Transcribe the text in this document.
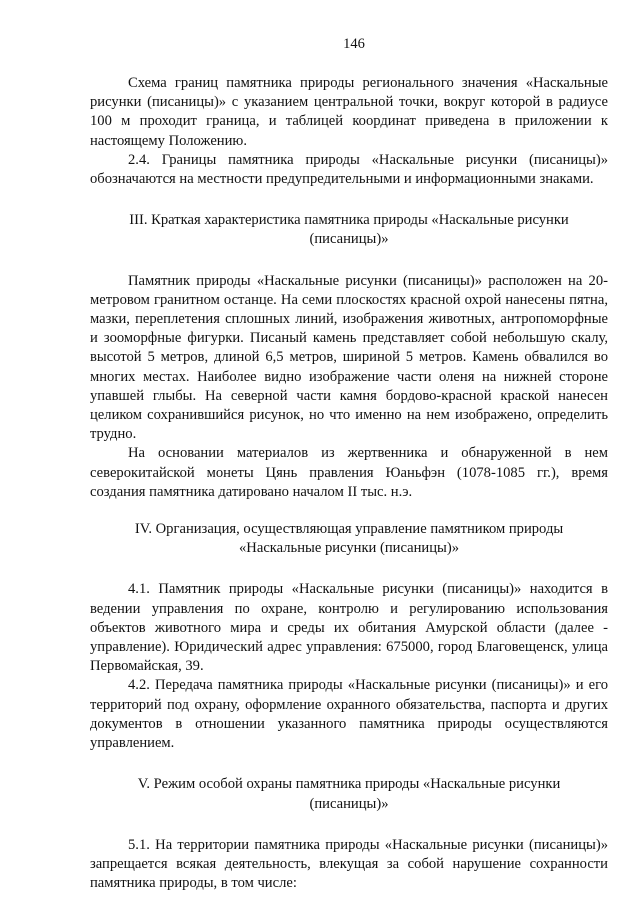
146

Схема границ памятника природы регионального значения «Наскальные рисунки (писаницы)» с указанием центральной точки, вокруг которой в радиусе 100 м проходит граница, и таблицей координат приведена в приложении к настоящему Положению.

2.4. Границы памятника природы «Наскальные рисунки (писаницы)» обозначаются на местности предупредительными и информационными знаками.

III. Краткая характеристика памятника природы «Наскальные рисунки (писаницы)»

Памятник природы «Наскальные рисунки (писаницы)» расположен на 20-метровом гранитном останце. На семи плоскостях красной охрой нанесены пятна, мазки, переплетения сплошных линий, изображения животных, антропоморфные и зооморфные фигурки. Писаный камень представляет собой небольшую скалу, высотой 5 метров, длиной 6,5 метров, шириной 5 метров. Камень обвалился во многих местах. Наиболее видно изображение части оленя на нижней стороне упавшей глыбы. На северной части камня бордово-красной краской нанесен целиком сохранившийся рисунок, но что именно на нем изображено, определить трудно.

На основании материалов из жертвенника и обнаруженной в нем северокитайской монеты Цянь правления Юаньфэн (1078-1085 гг.), время создания памятника датировано началом II тыс. н.э.

IV. Организация, осуществляющая управление памятником природы «Наскальные рисунки (писаницы)»

4.1. Памятник природы «Наскальные рисунки (писаницы)» находится в ведении управления по охране, контролю и регулированию использования объектов животного мира и среды их обитания Амурской области (далее - управление). Юридический адрес управления: 675000, город Благовещенск, улица Первомайская, 39.

4.2. Передача памятника природы «Наскальные рисунки (писаницы)» и его территорий под охрану, оформление охранного обязательства, паспорта и других документов в отношении указанного памятника природы осуществляются управлением.

V. Режим особой охраны памятника природы «Наскальные рисунки (писаницы)»

5.1. На территории памятника природы «Наскальные рисунки (писаницы)» запрещается всякая деятельность, влекущая за собой нарушение сохранности памятника природы, в том числе:
